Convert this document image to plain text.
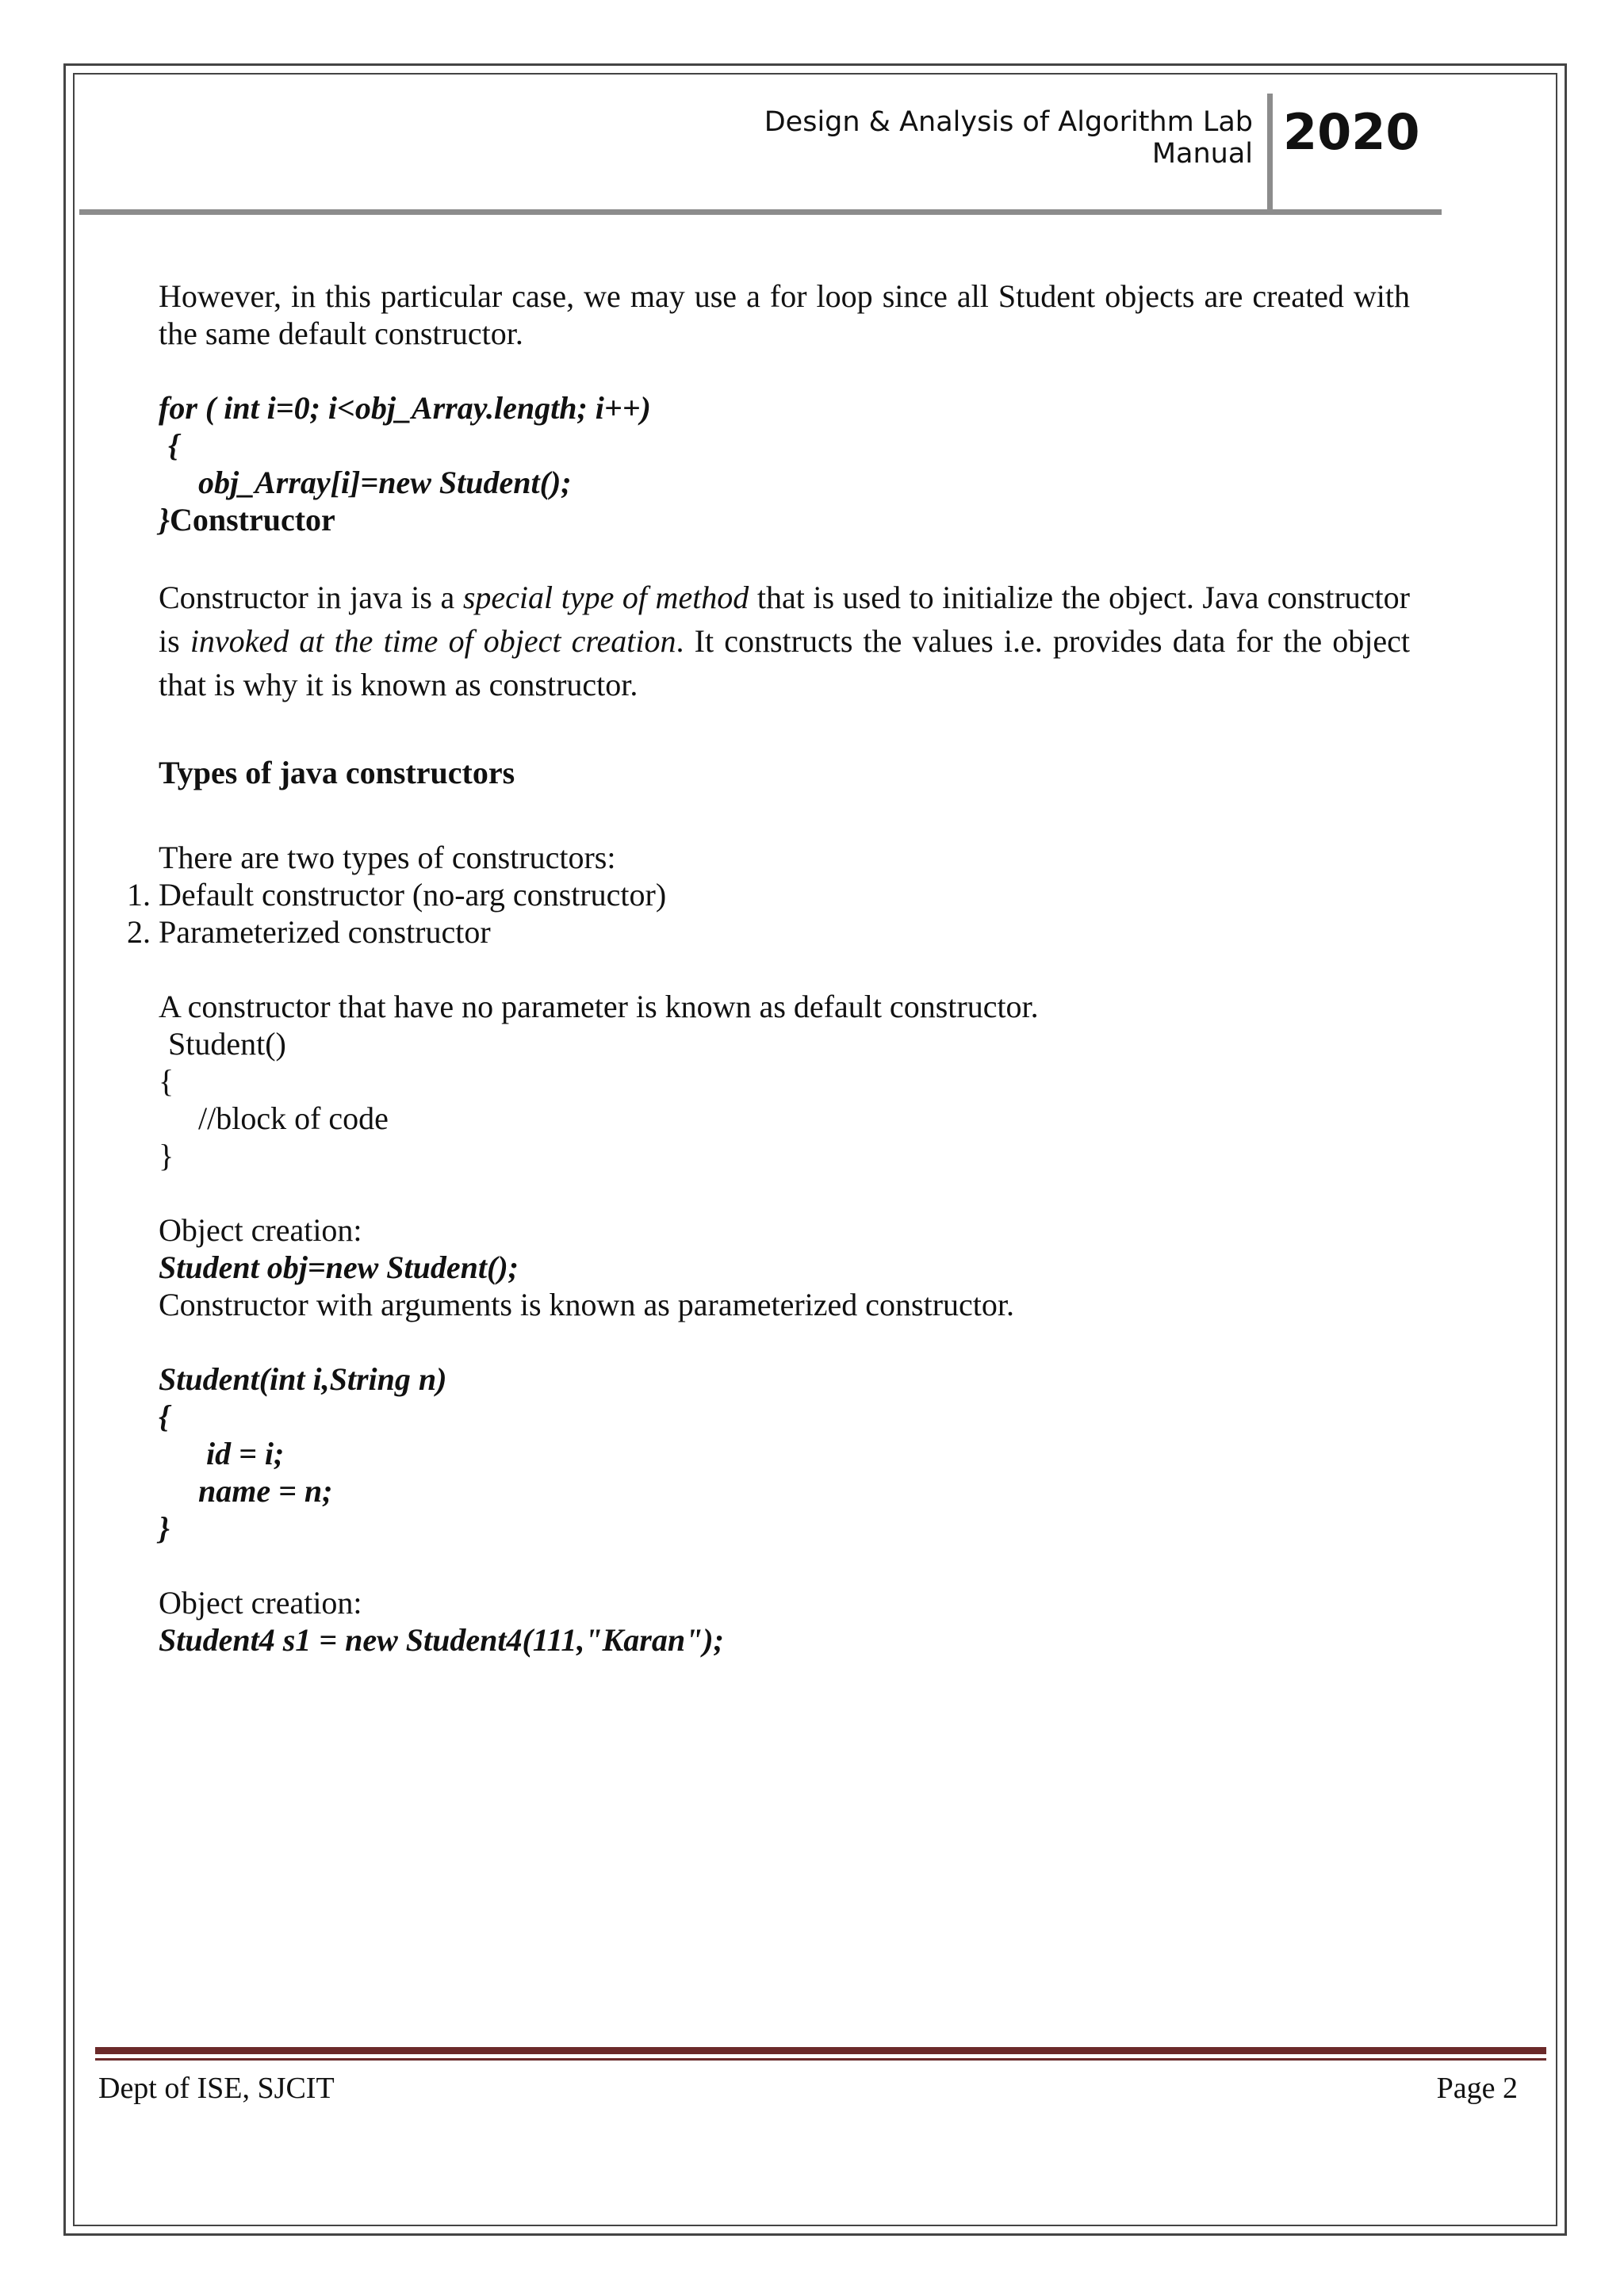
Design & Analysis of Algorithm Lab Manual 2020

However, in this particular case, we may use a for loop since all Student objects are created with the same default constructor.

for ( int i=0; i<obj_Array.length; i++)
{
obj_Array[i]=new Student();
}Constructor

Constructor in java is a special type of method that is used to initialize the object. Java constructor is invoked at the time of object creation. It constructs the values i.e. provides data for the object that is why it is known as constructor.

Types of java constructors

There are two types of constructors:

1. Default constructor (no-arg constructor)
2. Parameterized constructor

A constructor that have no parameter is known as default constructor.

Student()
{
//block of code
}

Object creation:

Student obj=new Student();

Constructor with arguments is known as parameterized constructor.

Student(int i,String n)
{
id = i;
name = n;
}

Object creation:

Student4 s1 = new Student4(111,"Karan");

Dept of ISE, SJCIT	Page 2
